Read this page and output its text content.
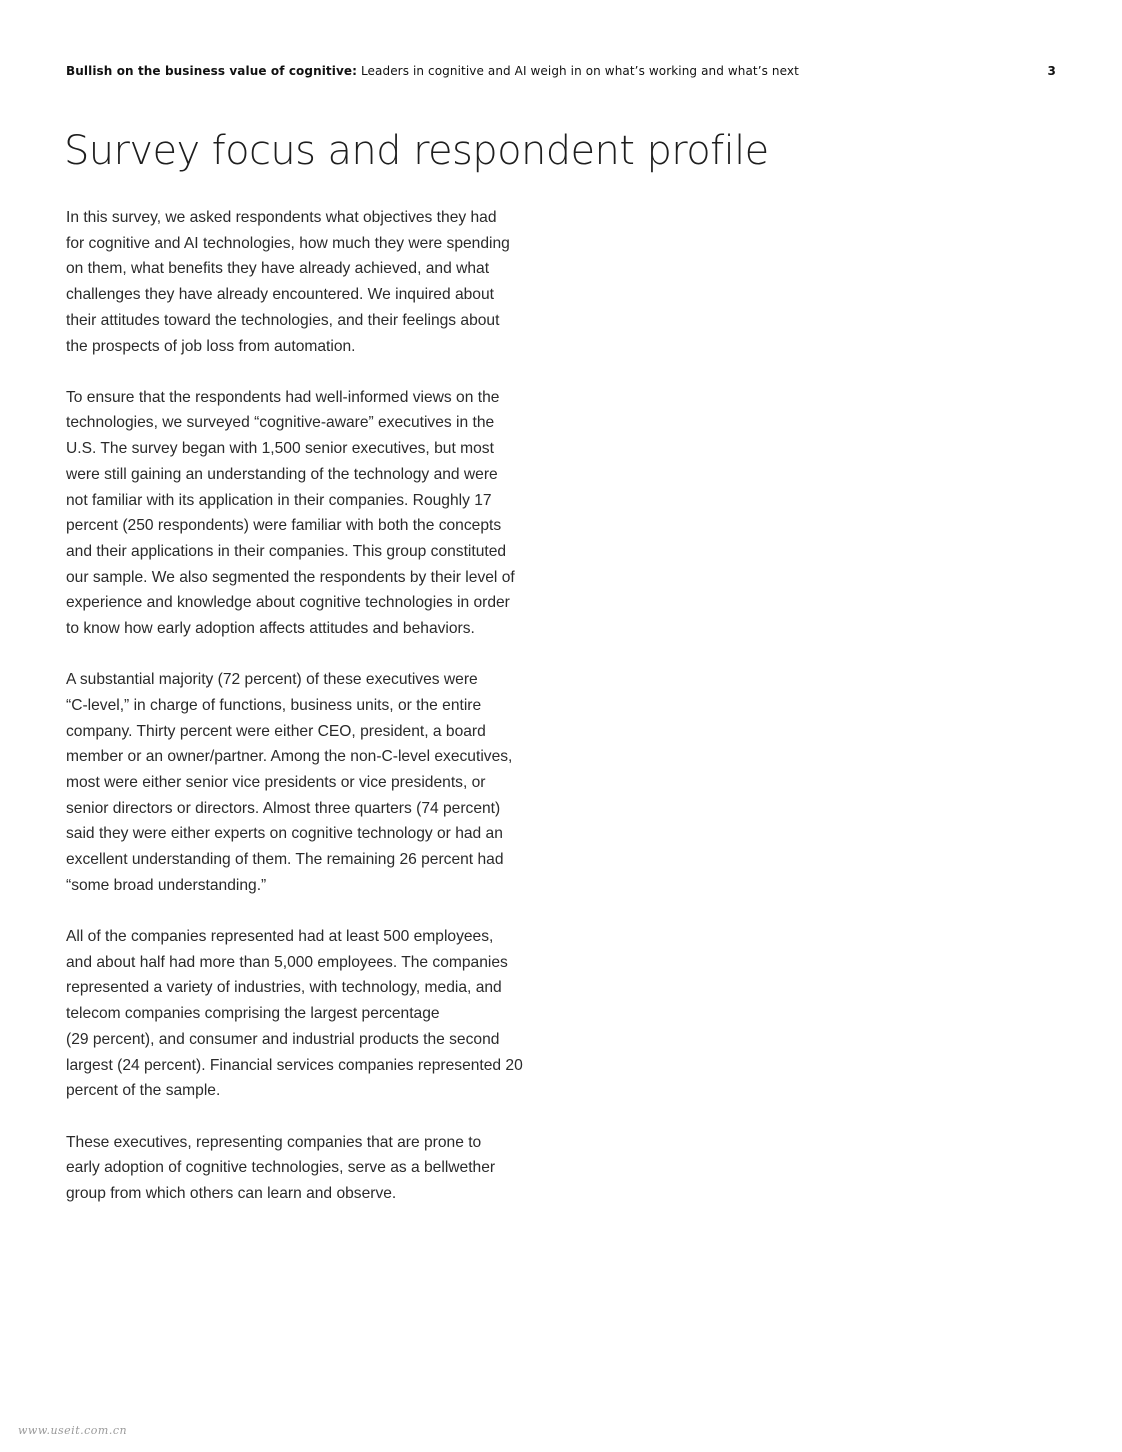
Bullish on the business value of cognitive: Leaders in cognitive and AI weigh in on what’s working and what’s next	3
Survey focus and respondent profile

In this survey, we asked respondents what objectives they had
for cognitive and AI technologies, how much they were spending
on them, what benefits they have already achieved, and what
challenges they have already encountered. We inquired about
their attitudes toward the technologies, and their feelings about
the prospects of job loss from automation.

To ensure that the respondents had well-informed views on the
technologies, we surveyed “cognitive-aware” executives in the
U.S. The survey began with 1,500 senior executives, but most
were still gaining an understanding of the technology and were
not familiar with its application in their companies. Roughly 17
percent (250 respondents) were familiar with both the concepts
and their applications in their companies. This group constituted
our sample. We also segmented the respondents by their level of
experience and knowledge about cognitive technologies in order
to know how early adoption affects attitudes and behaviors.

A substantial majority (72 percent) of these executives were
“C-level,” in charge of functions, business units, or the entire
company. Thirty percent were either CEO, president, a board
member or an owner/partner. Among the non-C-level executives,
most were either senior vice presidents or vice presidents, or
senior directors or directors. Almost three quarters (74 percent)
said they were either experts on cognitive technology or had an
excellent understanding of them. The remaining 26 percent had
“some broad understanding.”

All of the companies represented had at least 500 employees,
and about half had more than 5,000 employees. The companies
represented a variety of industries, with technology, media, and
telecom companies comprising the largest percentage
(29 percent), and consumer and industrial products the second
largest (24 percent). Financial services companies represented 20
percent of the sample.

These executives, representing companies that are prone to
early adoption of cognitive technologies, serve as a bellwether
group from which others can learn and observe.

www.useit.com.cn
